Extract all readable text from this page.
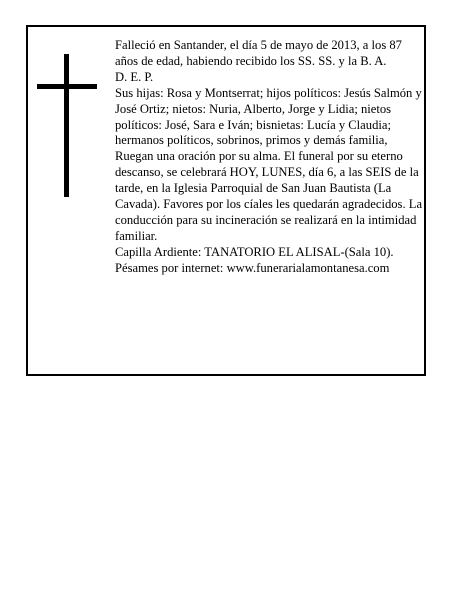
Falleció en Santander, el día 5 de mayo de 2013, a los 87 años de edad, habiendo recibido los SS. SS. y la B. A.

D. E. P.

Sus hijas: Rosa y Montserrat; hijos políticos: Jesús Salmón y José Ortiz; nietos: Nuria, Alberto, Jorge y Lidia; nietos políticos: José, Sara e Iván; bisnietas: Lucía y Claudia; hermanos políticos, sobrinos, primos y demás familia,

Ruegan una oración por su alma. El funeral por su eterno descanso, se celebrará HOY, LUNES, día 6, a las SEIS de la tarde, en la Iglesia Parroquial de San Juan Bautista (La Cavada). Favores por los cíales les quedarán agradecidos. La conducción para su incineración se realizará en la intimidad familiar.

Capilla Ardiente: TANATORIO EL ALISAL-(Sala 10).

Pésames por internet: www.funerarialamontanesa.com
